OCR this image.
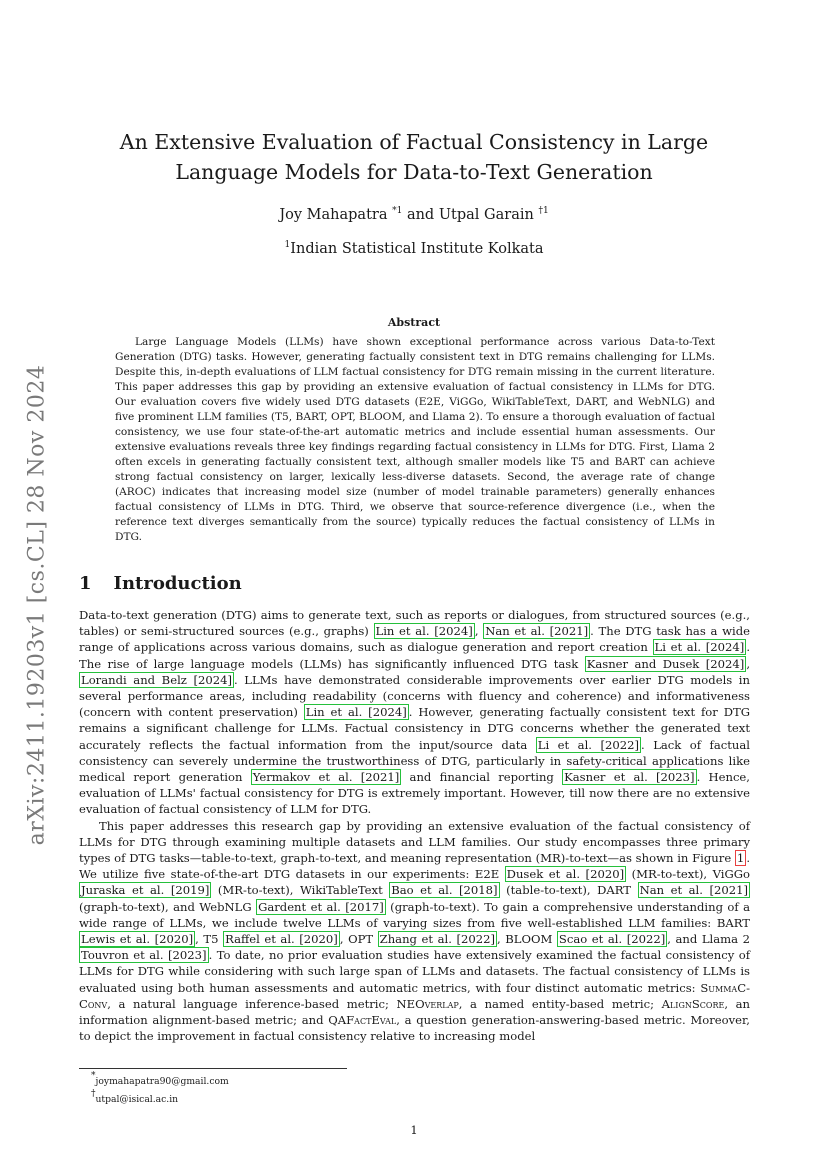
arXiv:2411.19203v1 [cs.CL] 28 Nov 2024
An Extensive Evaluation of Factual Consistency in Large Language Models for Data-to-Text Generation
Joy Mahapatra $^{*1}$ and Utpal Garain $^{\dagger 1}$
$^1$Indian Statistical Institute Kolkata
Abstract

Large Language Models (LLMs) have shown exceptional performance across various Data-to-Text Generation (DTG) tasks. However, generating factually consistent text in DTG remains challenging for LLMs. Despite this, in-depth evaluations of LLM factual consistency for DTG remain missing in the current literature. This paper addresses this gap by providing an extensive evaluation of factual consistency in LLMs for DTG. Our evaluation covers five widely used DTG datasets (E2E, ViGGo, WikiTableText, DART, and WebNLG) and five prominent LLM families (T5, BART, OPT, BLOOM, and Llama 2). To ensure a thorough evaluation of factual consistency, we use four state-of-the-art automatic metrics and include essential human assessments. Our extensive evaluations reveals three key findings regarding factual consistency in LLMs for DTG. First, Llama 2 often excels in generating factually consistent text, although smaller models like T5 and BART can achieve strong factual consistency on larger, lexically less-diverse datasets. Second, the average rate of change (AROC) indicates that increasing model size (number of model trainable parameters) generally enhances factual consistency of LLMs in DTG. Third, we observe that source-reference divergence (i.e., when the reference text diverges semantically from the source) typically reduces the factual consistency of LLMs in DTG.

1 Introduction

Data-to-text generation (DTG) aims to generate text, such as reports or dialogues, from structured sources (e.g., tables) or semi-structured sources (e.g., graphs) Lin et al. [2024] , Nan et al. [2021] . The DTG task has a wide range of applications across various domains, such as dialogue generation and report creation Li et al. [2024] . The rise of large language models (LLMs) has significantly influenced DTG task Kasner and Dusek [2024] , Lorandi and Belz [2024] . LLMs have demonstrated considerable improvements over earlier DTG models in several performance areas, including readability (concerns with fluency and coherence) and informativeness (concern with content preservation) Lin et al. [2024] . However, generating factually consistent text for DTG remains a significant challenge for LLMs. Factual consistency in DTG concerns whether the generated text accurately reflects the factual information from the input/source data Li et al. [2022] . Lack of factual consistency can severely undermine the trustworthiness of DTG, particularly in safety-critical applications like medical report generation Yermakov et al. [2021] and financial reporting Kasner et al. [2023] . Hence, evaluation of LLMs' factual consistency for DTG is extremely important. However, till now there are no extensive evaluation of factual consistency of LLM for DTG.

This paper addresses this research gap by providing an extensive evaluation of the factual consistency of LLMs for DTG through examining multiple datasets and LLM families. Our study encompasses three primary types of DTG tasks—table-to-text, graph-to-text, and meaning representation (MR)-to-text—as shown in Figure 1 . We utilize five state-of-the-art DTG datasets in our experiments: E2E Dusek et al. [2020] (MR-to-text), ViGGo Juraska et al. [2019] (MR-to-text), WikiTableText Bao et al. [2018] (table-to-text), DART Nan et al. [2021] (graph-to-text), and WebNLG Gardent et al. [2017] (graph-to-text). To gain a comprehensive understanding of a wide range of LLMs, we include twelve LLMs of varying sizes from five well-established LLM families: BART Lewis et al. [2020] , T5 Raffel et al. [2020] , OPT Zhang et al. [2022] , BLOOM Scao et al. [2022] , and Llama 2 Touvron et al. [2023] . To date, no prior evaluation studies have extensively examined the factual consistency of LLMs for DTG while considering with such large span of LLMs and datasets. The factual consistency of LLMs is evaluated using both human assessments and automatic metrics, with four distinct automatic metrics: SummaC-Conv, a natural language inference-based metric; NEOverlap, a named entity-based metric; AlignScore, an information alignment-based metric; and QAFactEval, a question generation-answering-based metric. Moreover, to depict the improvement in factual consistency relative to increasing model

*joymahapatra90@gmail.com
†utpal@isical.ac.in
1
